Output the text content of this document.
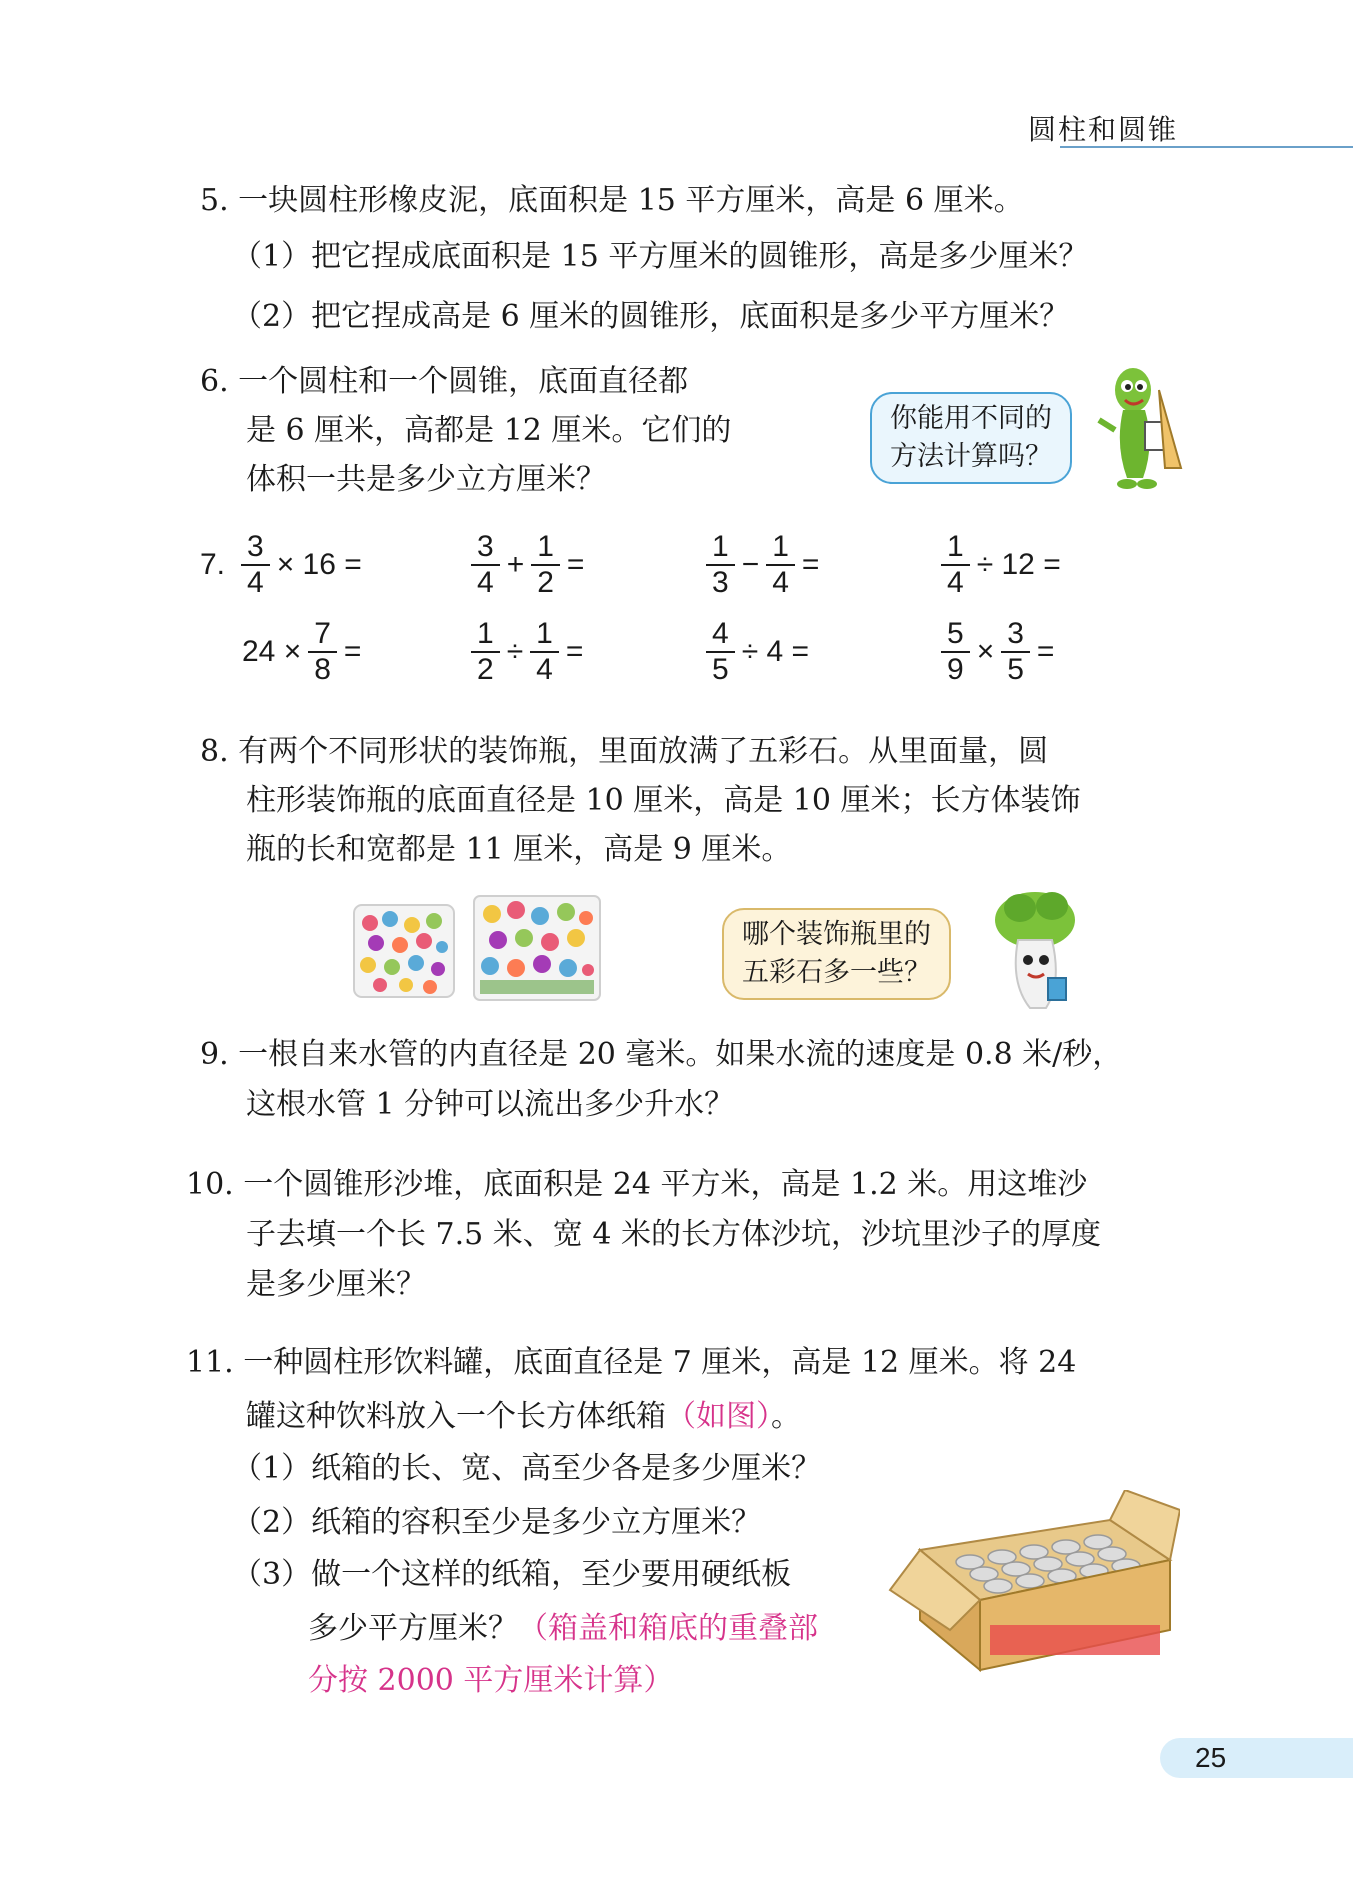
圆柱和圆锥
5. 一块圆柱形橡皮泥，底面积是 15 平方厘米，高是 6 厘米。
（1）把它捏成底面积是 15 平方厘米的圆锥形，高是多少厘米？
（2）把它捏成高是 6 厘米的圆锥形，底面积是多少平方厘米？
6. 一个圆柱和一个圆锥，底面直径都
是 6 厘米，高都是 12 厘米。它们的
体积一共是多少立方厘米？
你能用不同的
方法计算吗？
7. $\frac{3}{4} \times 16$ =	$\frac{3}{4} + \frac{1}{2}$ =	$\frac{1}{3} - \frac{1}{4}$ =	$\frac{1}{4} \div 12$ =
$24 \times \frac{7}{8}$ =	$\frac{1}{2} \div \frac{1}{4}$ =	$\frac{4}{5} \div 4$ =	$\frac{5}{9} \times \frac{3}{5}$ =
8. 有两个不同形状的装饰瓶，里面放满了五彩石。从里面量，圆
柱形装饰瓶的底面直径是 10 厘米，高是 10 厘米；长方体装饰
瓶的长和宽都是 11 厘米，高是 9 厘米。
哪个装饰瓶里的
五彩石多一些？
9. 一根自来水管的内直径是 20 毫米。如果水流的速度是 0.8 米/秒，
这根水管 1 分钟可以流出多少升水？
10. 一个圆锥形沙堆，底面积是 24 平方米，高是 1.2 米。用这堆沙
子去填一个长 7.5 米、宽 4 米的长方体沙坑，沙坑里沙子的厚度
是多少厘米？
11. 一种圆柱形饮料罐，底面直径是 7 厘米，高是 12 厘米。将 24
罐这种饮料放入一个长方体纸箱（如图）。
（1）纸箱的长、宽、高至少各是多少厘米？
（2）纸箱的容积至少是多少立方厘米？
（3）做一个这样的纸箱，至少要用硬纸板
多少平方厘米？（箱盖和箱底的重叠部
分按 2000 平方厘米计算）
25
